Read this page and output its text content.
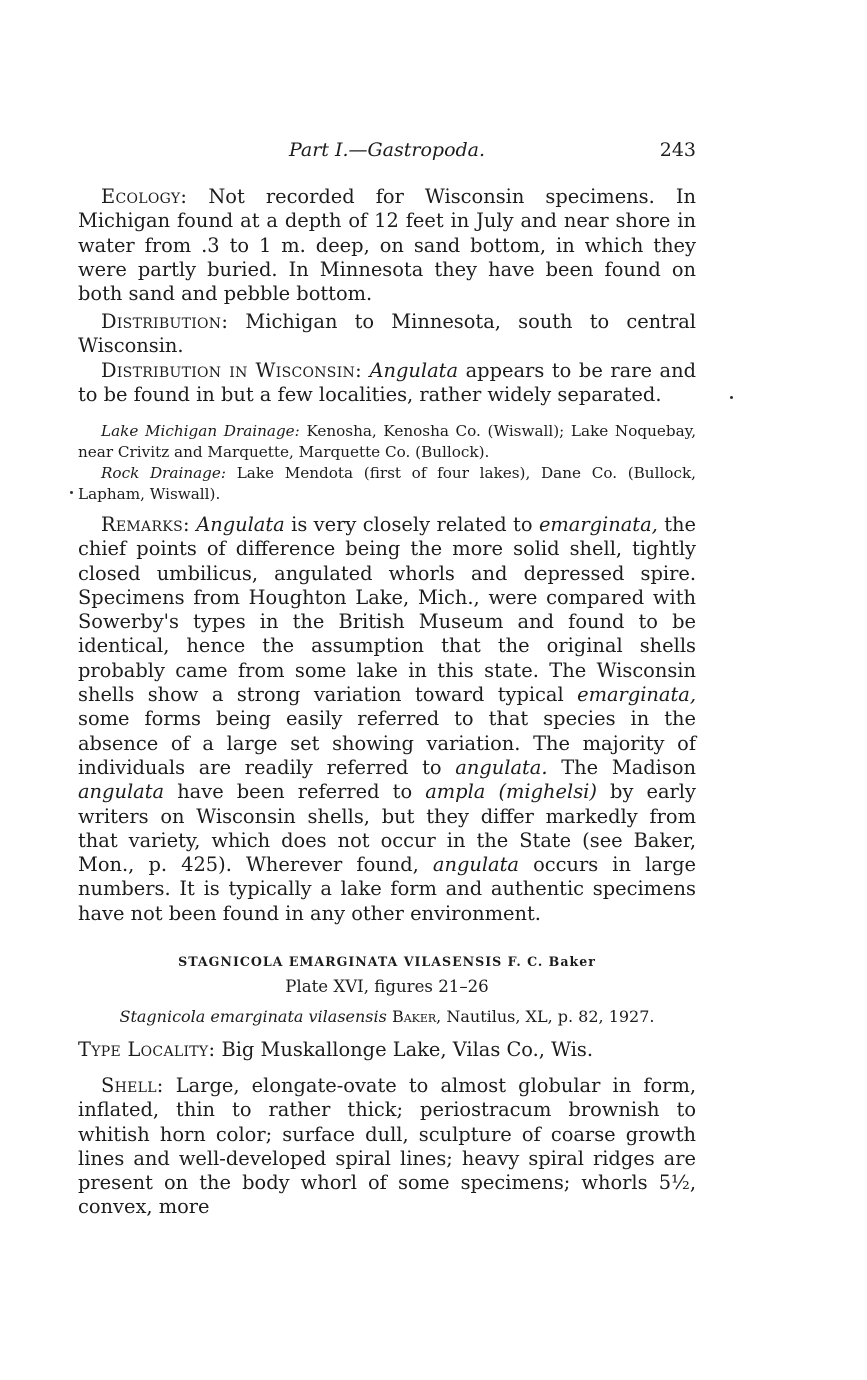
Part I.—Gastropoda.	243

Ecology: Not recorded for Wisconsin specimens. In Michigan found at a depth of 12 feet in July and near shore in water from .3 to 1 m. deep, on sand bottom, in which they were partly buried. In Minnesota they have been found on both sand and pebble bottom.

Distribution: Michigan to Minnesota, south to central Wisconsin.

Distribution in Wisconsin: Angulata appears to be rare and to be found in but a few localities, rather widely separated.

Lake Michigan Drainage: Kenosha, Kenosha Co. (Wiswall); Lake Noquebay, near Crivitz and Marquette, Marquette Co. (Bullock).

Rock Drainage: Lake Mendota (first of four lakes), Dane Co. (Bullock, Lapham, Wiswall).

Remarks: Angulata is very closely related to emarginata, the chief points of difference being the more solid shell, tightly closed umbilicus, angulated whorls and depressed spire. Specimens from Houghton Lake, Mich., were compared with Sowerby's types in the British Museum and found to be identical, hence the assumption that the original shells probably came from some lake in this state. The Wisconsin shells show a strong variation toward typical emarginata, some forms being easily referred to that species in the absence of a large set showing variation. The majority of individuals are readily referred to angulata. The Madison angulata have been referred to ampla (mighelsi) by early writers on Wisconsin shells, but they differ markedly from that variety, which does not occur in the State (see Baker, Mon., p. 425). Wherever found, angulata occurs in large numbers. It is typically a lake form and authentic specimens have not been found in any other environment.

STAGNICOLA EMARGINATA VILASENSIS F. C. Baker

Plate XVI, figures 21–26

Stagnicola emarginata vilasensis Baker, Nautilus, XL, p. 82, 1927.

Type Locality: Big Muskallonge Lake, Vilas Co., Wis.

Shell: Large, elongate-ovate to almost globular in form, inflated, thin to rather thick; periostracum brownish to whitish horn color; surface dull, sculpture of coarse growth lines and well-developed spiral lines; heavy spiral ridges are present on the body whorl of some specimens; whorls 5½, convex, more
